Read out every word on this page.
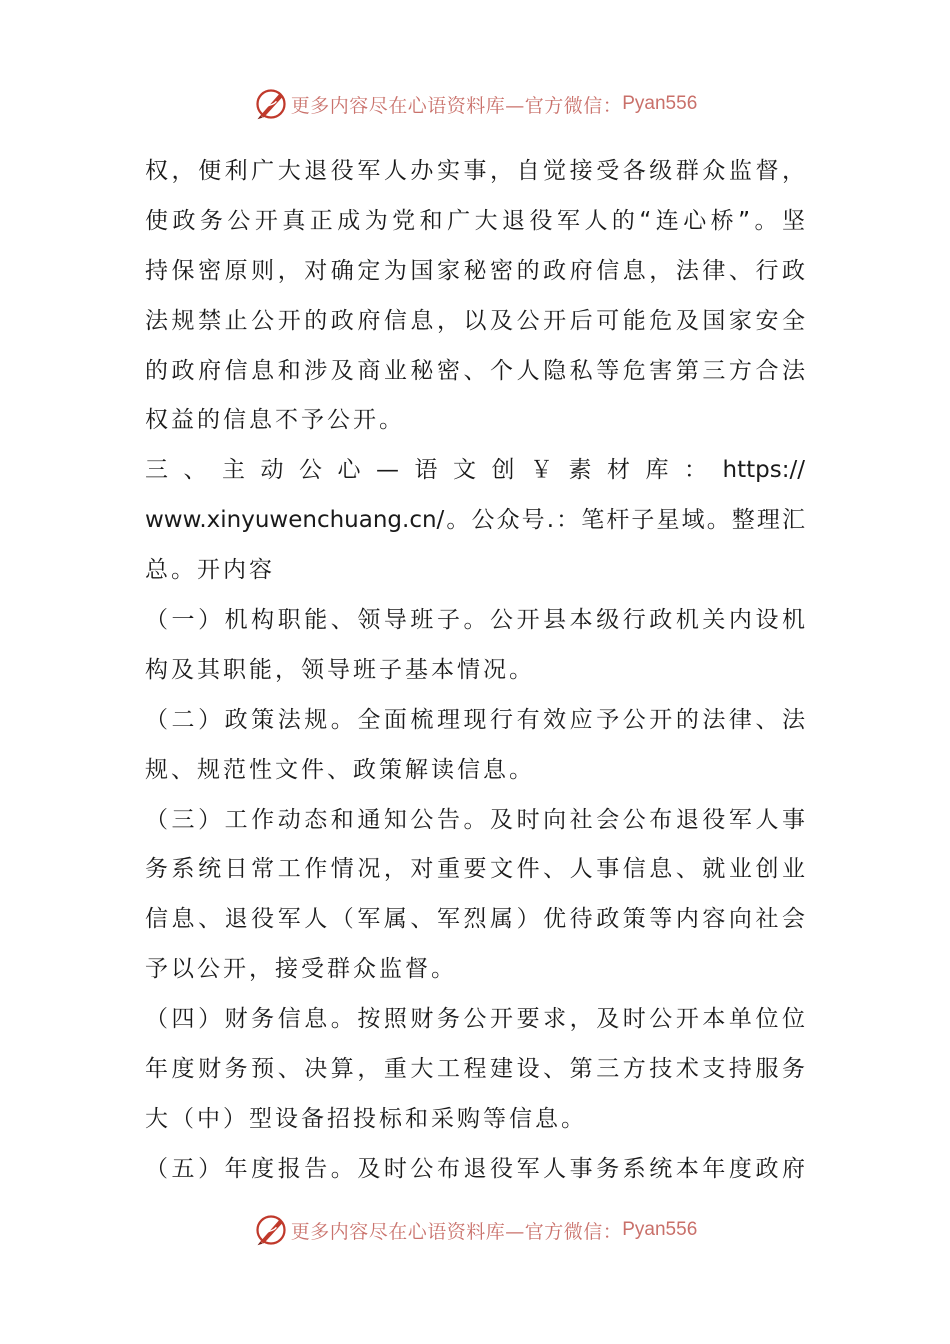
更多内容尽在心语资料库—官方微信： Pyan556
权，便利广大退役军人办实事，自觉接受各级群众监督，
使政务公开真正成为党和广大退役军人的“连心桥”。坚
持保密原则，对确定为国家秘密的政府信息，法律、行政
法规禁止公开的政府信息，以及公开后可能危及国家安全
的政府信息和涉及商业秘密、个人隐私等危害第三方合法
权益的信息不予公开。
三、主动公心—语文创￥素材库：https://
www.xinyuwenchuang.cn/。公众号.：笔杆子星域。整理汇
总。开内容
（一）机构职能、领导班子。公开县本级行政机关内设机
构及其职能，领导班子基本情况。
（二）政策法规。全面梳理现行有效应予公开的法律、法
规、规范性文件、政策解读信息。
（三）工作动态和通知公告。及时向社会公布退役军人事
务系统日常工作情况，对重要文件、人事信息、就业创业
信息、退役军人（军属、军烈属）优待政策等内容向社会
予以公开，接受群众监督。
（四）财务信息。按照财务公开要求，及时公开本单位位
年度财务预、决算，重大工程建设、第三方技术支持服务
大（中）型设备招投标和采购等信息。
（五）年度报告。及时公布退役军人事务系统本年度政府
更多内容尽在心语资料库—官方微信： Pyan556
